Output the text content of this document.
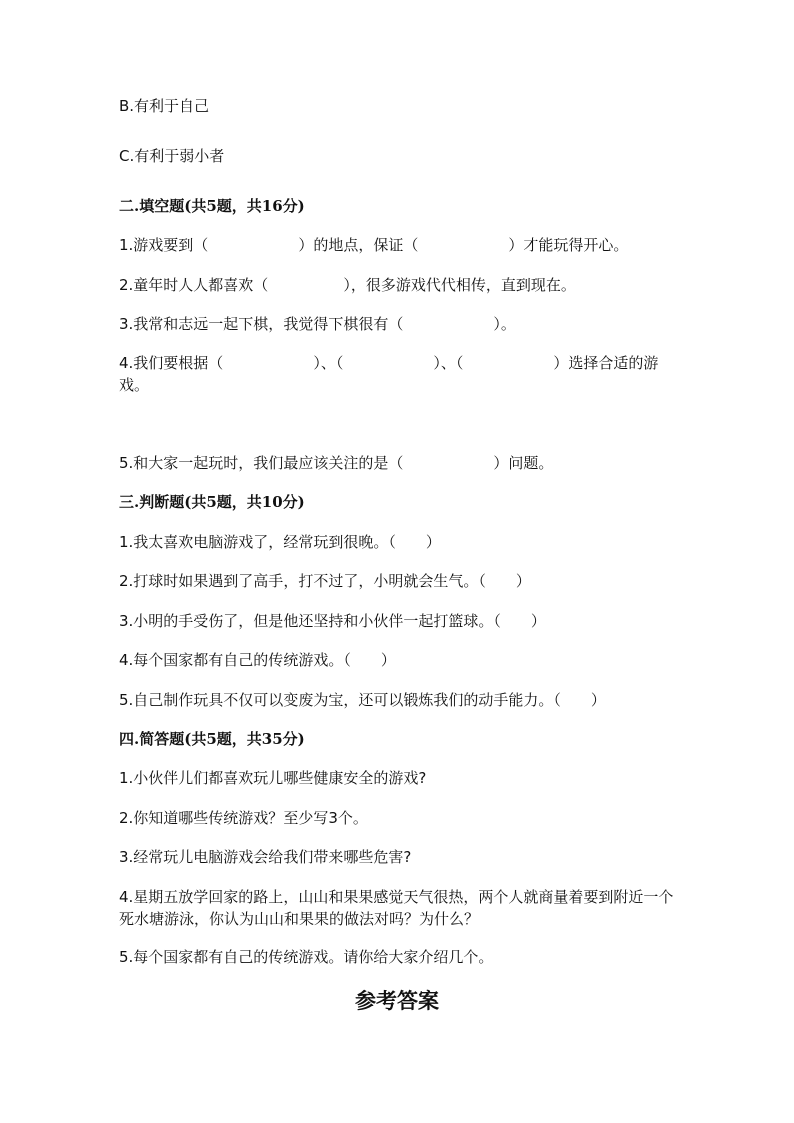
B.有利于自己
C.有利于弱小者
二.填空题(共5题，共16分)
1.游戏要到（　　　　　　）的地点，保证（　　　　　　）才能玩得开心。
2.童年时人人都喜欢（　　　　　），很多游戏代代相传，直到现在。
3.我常和志远一起下棋，我觉得下棋很有（　　　　　　）。
4.我们要根据（　　　　　　）、（　　　　　　）、（　　　　　　）选择合适的游戏。
5.和大家一起玩时，我们最应该关注的是（　　　　　　）问题。
三.判断题(共5题，共10分)
1.我太喜欢电脑游戏了，经常玩到很晚。（　　）
2.打球时如果遇到了高手，打不过了，小明就会生气。（　　）
3.小明的手受伤了，但是他还坚持和小伙伴一起打篮球。（　　）
4.每个国家都有自己的传统游戏。（　　）
5.自己制作玩具不仅可以变废为宝，还可以锻炼我们的动手能力。（　　）
四.简答题(共5题，共35分)
1.小伙伴儿们都喜欢玩儿哪些健康安全的游戏?
2.你知道哪些传统游戏？至少写3个。
3.经常玩儿电脑游戏会给我们带来哪些危害?
4.星期五放学回家的路上，山山和果果感觉天气很热，两个人就商量着要到附近一个死水塘游泳，你认为山山和果果的做法对吗？为什么？
5.每个国家都有自己的传统游戏。请你给大家介绍几个。
参考答案
